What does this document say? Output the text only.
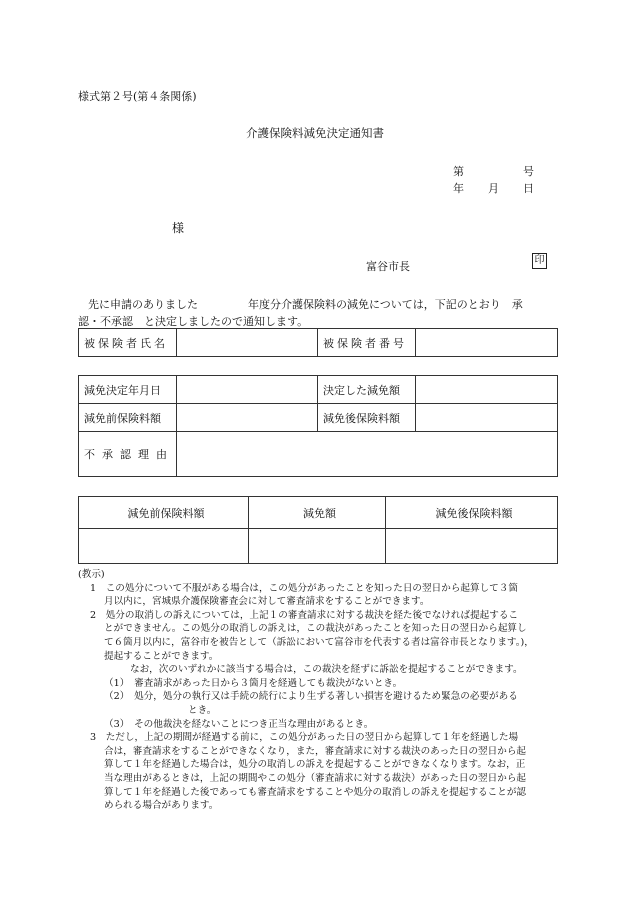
様式第２号(第４条関係)
介護保険料減免決定通知書
第	号
年 月 日
様
富谷市長	印
先に申請のありました	年度分介護保険料の減免については，下記のとおり　承
認・不承認　と決定しましたので通知します。
被保険者氏名		被保険者番号	
減免決定年月日		決定した減免額	
減免前保険料額		減免後保険料額	
不承認理由			
減免前保険料額	減免額	減免後保険料額

(教示)
1　この処分について不服がある場合は，この処分があったことを知った日の翌日から起算して３箇
月以内に，宮城県介護保険審査会に対して審査請求をすることができます。
2　処分の取消しの訴えについては，上記１の審査請求に対する裁決を経た後でなければ提起するこ
とができません。この処分の取消しの訴えは，この裁決があったことを知った日の翌日から起算し
て６箇月以内に，富谷市を被告として（訴訟において富谷市を代表する者は富谷市長となります。)，
提起することができます。
なお，次のいずれかに該当する場合は，この裁決を経ずに訴訟を提起することができます。
（1）　審査請求があった日から３箇月を経過しても裁決がないとき。
（2）　処分，処分の執行又は手続の続行により生ずる著しい損害を避けるため緊急の必要がある
とき。
（3）　その他裁決を経ないことにつき正当な理由があるとき。
3　ただし，上記の期間が経過する前に，この処分があった日の翌日から起算して１年を経過した場
合は，審査請求をすることができなくなり，また，審査請求に対する裁決のあった日の翌日から起
算して１年を経過した場合は，処分の取消しの訴えを提起することができなくなります。なお，正
当な理由があるときは，上記の期間やこの処分（審査請求に対する裁決）があった日の翌日から起
算して１年を経過した後であっても審査請求をすることや処分の取消しの訴えを提起することが認
められる場合があります。
